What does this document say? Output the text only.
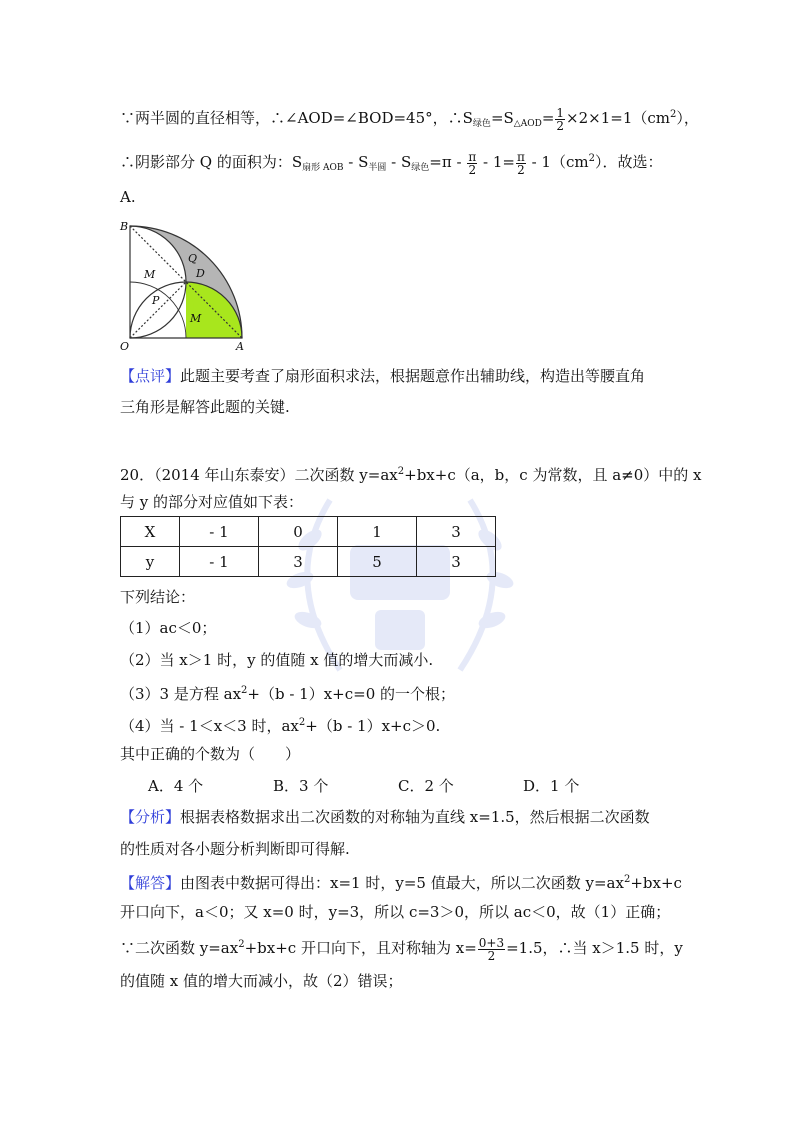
∵两半圆的直径相等，∴∠AOD=∠BOD=45°，$\therefore S_{绿色}=S_{\triangle AOD}= \frac{1}{2} \times 2\times 1=1(cm^2)$，
∴阴影部分 Q 的面积为：$S_{扇形 AOB} - S_{半圆} - S_{绿色}=\pi - \frac{\pi}{2} - 1= \frac{\pi}{2} - 1(cm^2)$．故选：
A.
B
Q
D
M
P
M
O	A
【点评】此题主要考查了扇形面积求法，根据题意作出辅助线，构造出等腰直角
三角形是解答此题的关键.
20．（2014 年山东泰安）二次函数 $y=ax^2+bx+c(a$，b，c 为常数，且 a≠0）中的 x
与 y 的部分对应值如下表：
X	- 1	0	1	3
y	- 1	3	5	3
下列结论：
（1）ac＜0；
（2）当 x＞1 时，y 的值随 x 值的增大而减小.
（3）3 是方程 $ax^2+(b - 1)x+c=0$ 的一个根；
（4）当 - 1＜x＜3 时，$ax^2+(b - 1)x+c>0$.
其中正确的个数为（　　）
A．4 个	B．3 个	C．2 个	D．1 个
【分析】根据表格数据求出二次函数的对称轴为直线 x=1.5，然后根据二次函数
的性质对各小题分析判断即可得解.
【解答】由图表中数据可得出：x=1 时，y=5 值最大，所以二次函数 $y=ax^2+bx+c$
开口向下，a＜0；又 x=0 时，y=3，所以 c=3＞0，所以 ac＜0，故（1）正确；
∵二次函数 $y=ax^2+bx+c$ 开口向下，且对称轴为 $x= \frac{0+3}{2} =1.5$，∴当 x＞1.5 时，y
的值随 x 值的增大而减小，故（2）错误；
